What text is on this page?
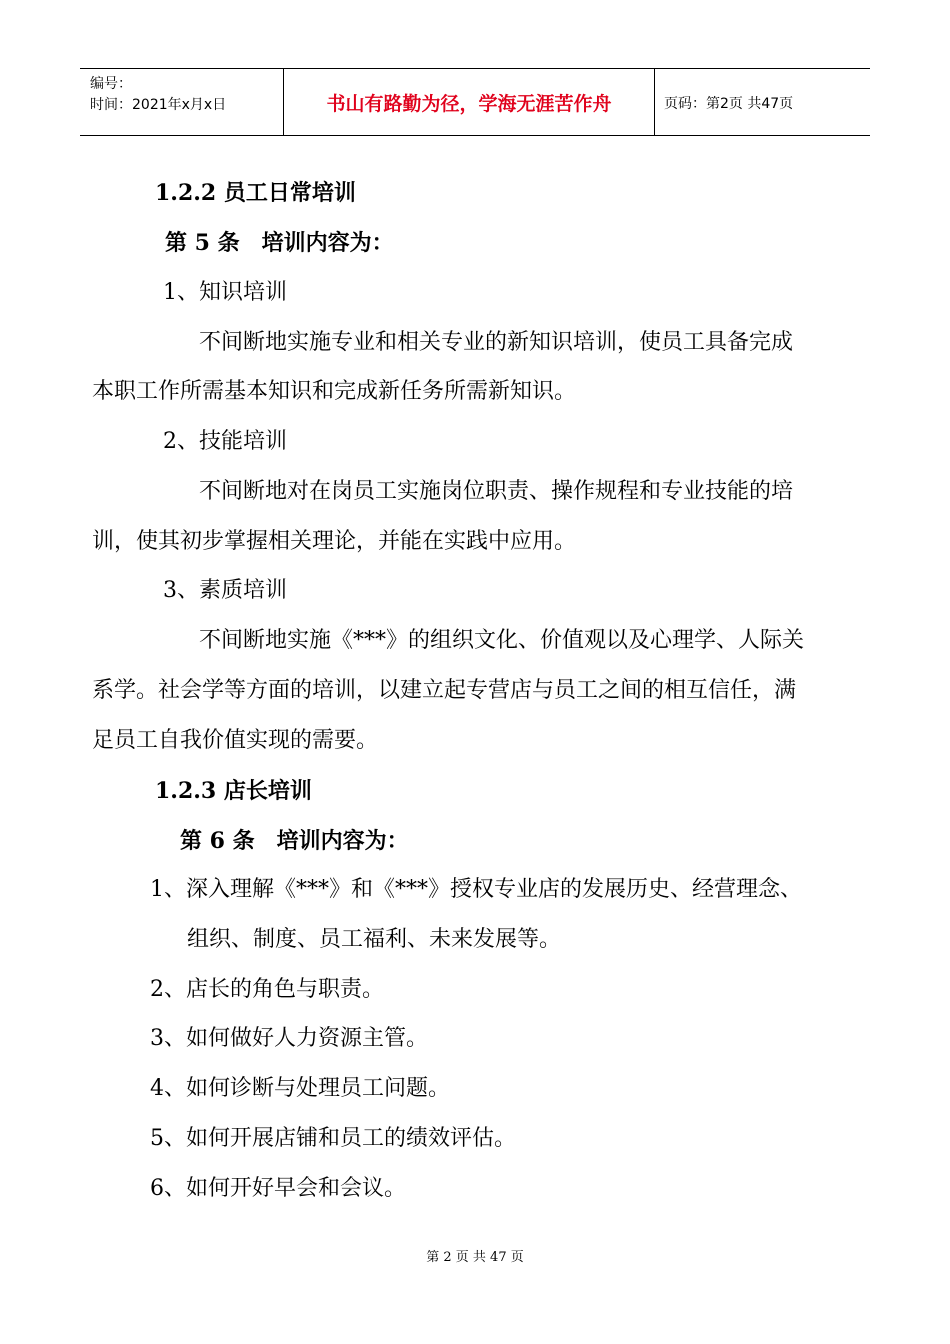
编号：
时间：2021年x月x日	书山有路勤为径，学海无涯苦作舟	页码：第2页 共47页
1.2.2 员工日常培训
第 5 条　培训内容为：
1、知识培训
不间断地实施专业和相关专业的新知识培训，使员工具备完成
本职工作所需基本知识和完成新任务所需新知识。
2、技能培训
不间断地对在岗员工实施岗位职责、操作规程和专业技能的培
训，使其初步掌握相关理论，并能在实践中应用。
3、素质培训
不间断地实施《***》的组织文化、价值观以及心理学、人际关
系学。社会学等方面的培训，以建立起专营店与员工之间的相互信任，满
足员工自我价值实现的需要。
1.2.3 店长培训
第 6 条　培训内容为：
1、深入理解《***》和《***》授权专业店的发展历史、经营理念、
组织、制度、员工福利、未来发展等。
2、店长的角色与职责。
3、如何做好人力资源主管。
4、如何诊断与处理员工问题。
5、如何开展店铺和员工的绩效评估。
6、如何开好早会和会议。
第 2 页 共 47 页
